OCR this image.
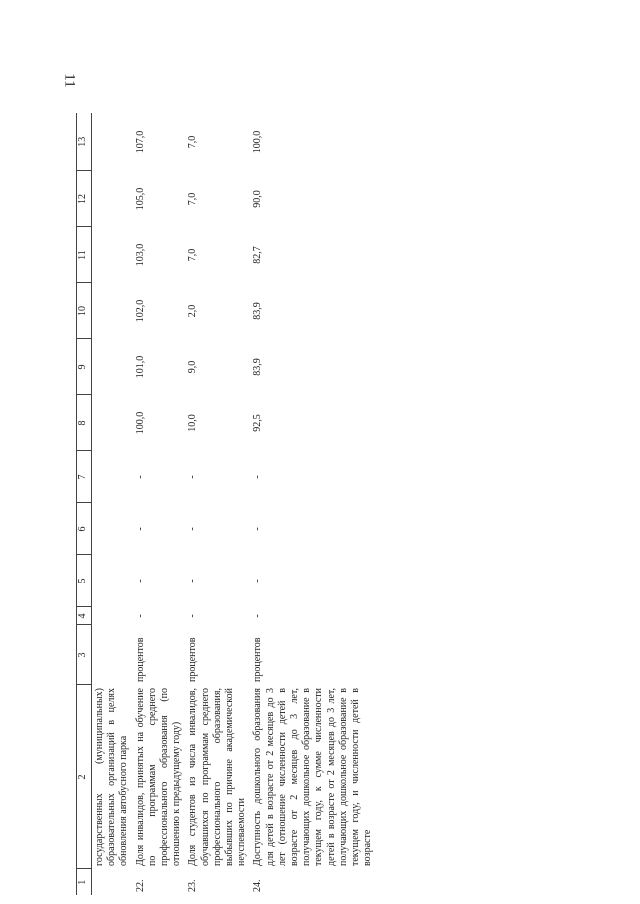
11
1	2	3	4	5	6	7	8	9	10	11	12	13
	государственных (муниципальных) образовательных организаций в целях обновления автобусного парка											
22.	Доля инвалидов, принятых на обучение по программам среднего профессионального образования (по отношению к предыдущему году)	процентов	-	-	-	-	100,0	101,0	102,0	103,0	105,0	107,0
23.	Доля студентов из числа инвалидов, обучавшихся по программам среднего профессионального образования, выбывших по причине академической неуспеваемости	процентов	-	-	-	-	10,0	9,0	2,0	7,0	7,0	7,0
24.	Доступность дошкольного образования для детей в возрасте от 2 месяцев до 3 лет (отношение численности детей в возрасте от 2 месяцев до 3 лет, получающих дошкольное образование в текущем году, к сумме численности детей в возрасте от 2 месяцев до 3 лет, получающих дошкольное образование в текущем году, и численности детей в возрасте	процентов	-	-	-	-	92,5	83,9	83,9	82,7	90,0	100,0
